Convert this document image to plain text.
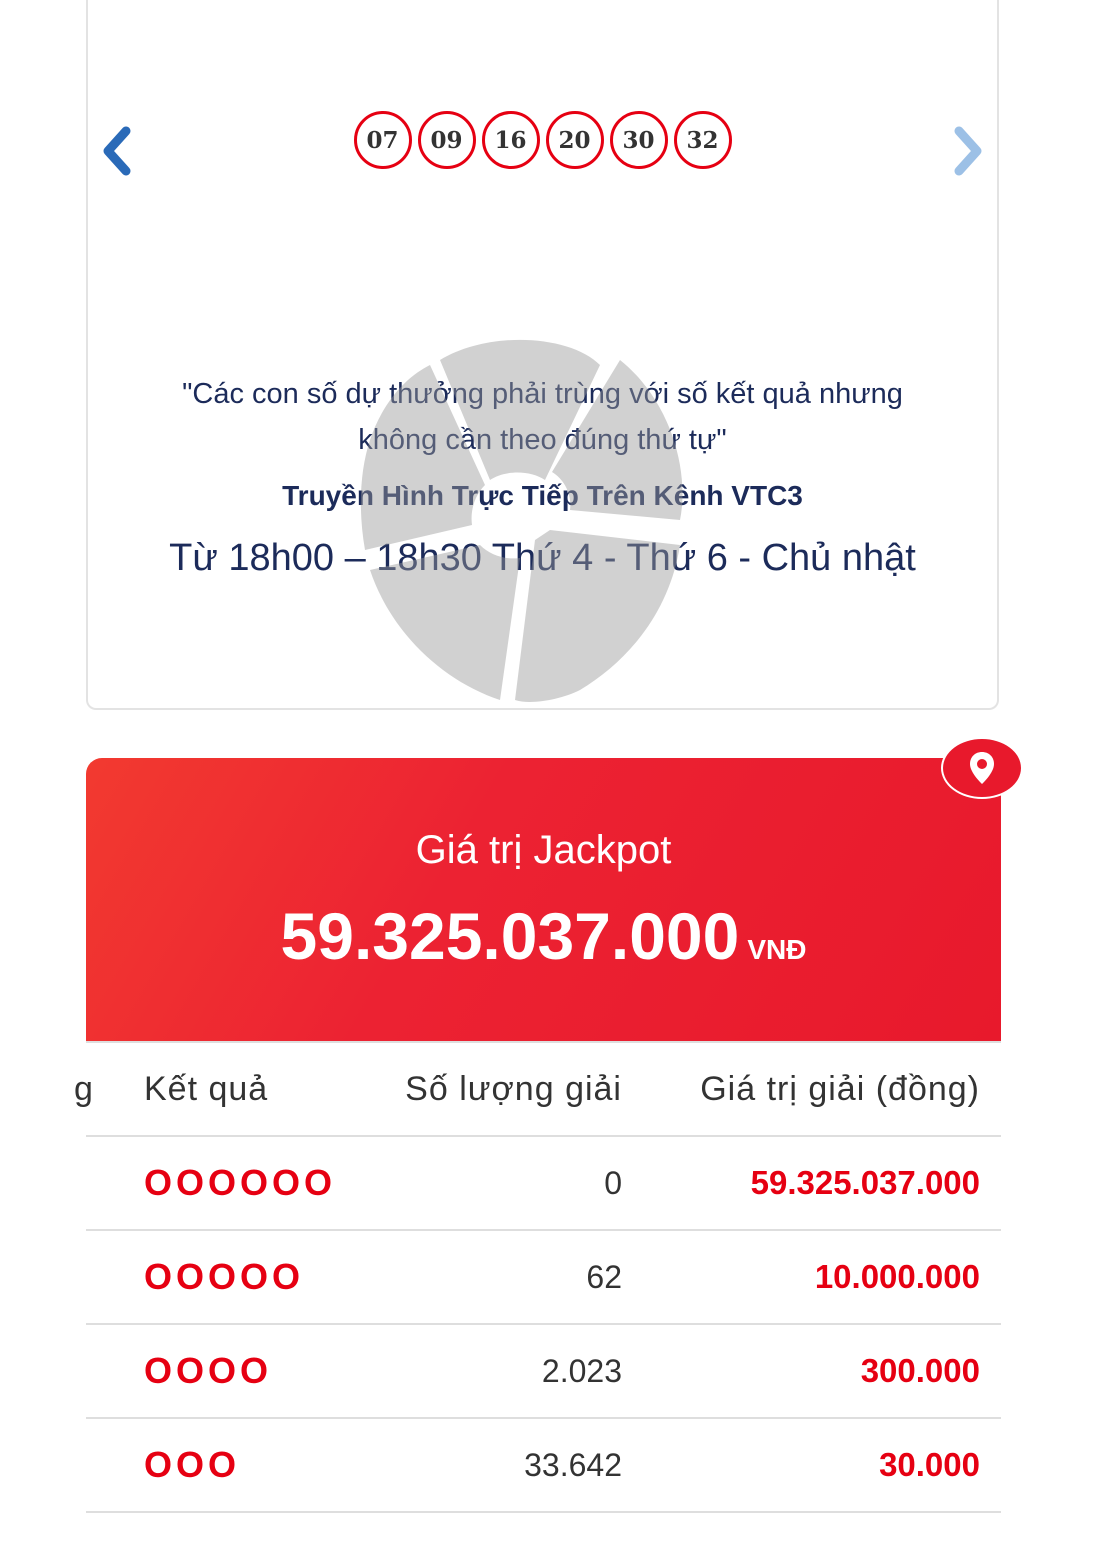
07	09	16	20	30	32
"Các con số dự thưởng phải trùng với số kết quả nhưng không cần theo đúng thứ tự"
Truyền Hình Trực Tiếp Trên Kênh VTC3
Từ 18h00 – 18h30 Thứ 4 - Thứ 6 - Chủ nhật
Giá trị Jackpot
59.325.037.000 VNĐ
g Kết quả	Số lượng giải	Giá trị giải (đồng)
OOOOOO	0	59.325.037.000
OOOOO	62	10.000.000
OOOO	2.023	300.000
OOO	33.642	30.000
